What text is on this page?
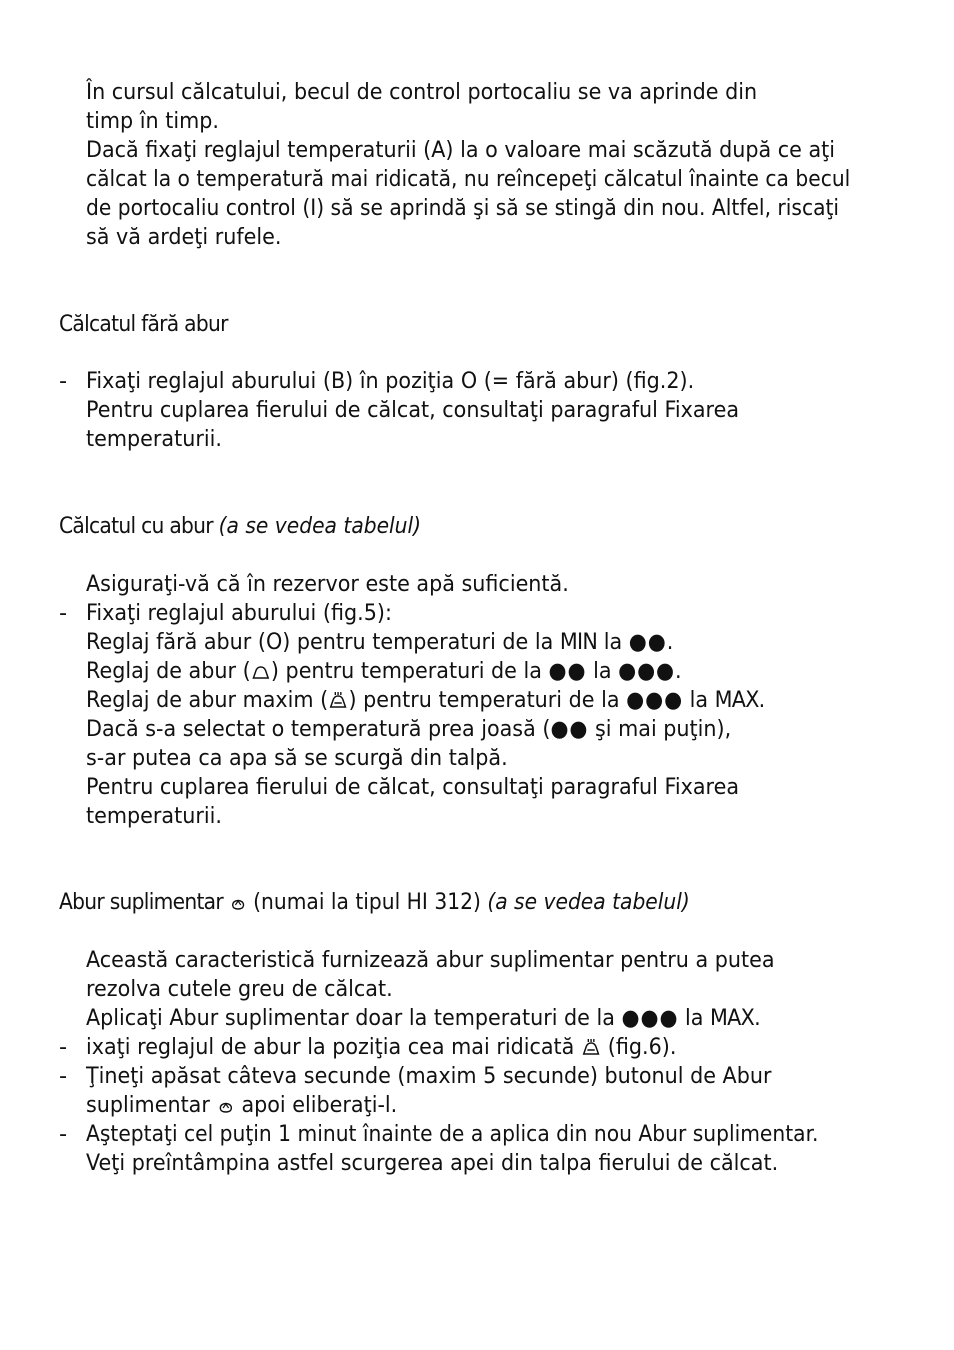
În cursul călcatului, becul de control portocaliu se va aprinde din
timp în timp.
Dacă fixaţi reglajul temperaturii (A) la o valoare mai scăzută după ce aţi
călcat la o temperatură mai ridicată, nu reîncepeţi călcatul înainte ca becul
de portocaliu control (I) să se aprindă şi să se stingă din nou. Altfel, riscaţi
să vă ardeţi rufele.
Călcatul fără abur
- Fixaţi reglajul aburului (B) în poziţia O (= fără abur) (fig.2).
Pentru cuplarea fierului de călcat, consultaţi paragraful Fixarea
temperaturii.
Călcatul cu abur (a se vedea tabelul)
Asiguraţi-vă că în rezervor este apă suficientă.
- Fixaţi reglajul aburului (fig.5):
Reglaj fără abur (O) pentru temperaturi de la MIN la ●●.
Reglaj de abur ( ) pentru temperaturi de la ●● la ●●●.
Reglaj de abur maxim ( ) pentru temperaturi de la ●●● la MAX.
Dacă s-a selectat o temperatură prea joasă (●● şi mai puţin),
s-ar putea ca apa să se scurgă din talpă.
Pentru cuplarea fierului de călcat, consultaţi paragraful Fixarea
temperaturii.
Abur suplimentar  (numai la tipul HI 312) (a se vedea tabelul)
Această caracteristică furnizează abur suplimentar pentru a putea
rezolva cutele greu de călcat.
Aplicaţi Abur suplimentar doar la temperaturi de la ●●● la MAX.
- ixaţi reglajul de abur la poziţia cea mai ridicată  (fig.6).
- Ţineţi apăsat câteva secunde (maxim 5 secunde) butonul de Abur
suplimentar  apoi eliberaţi-l.
- Aşteptaţi cel puţin 1 minut înainte de a aplica din nou Abur suplimentar.
Veţi preîntâmpina astfel scurgerea apei din talpa fierului de călcat.
